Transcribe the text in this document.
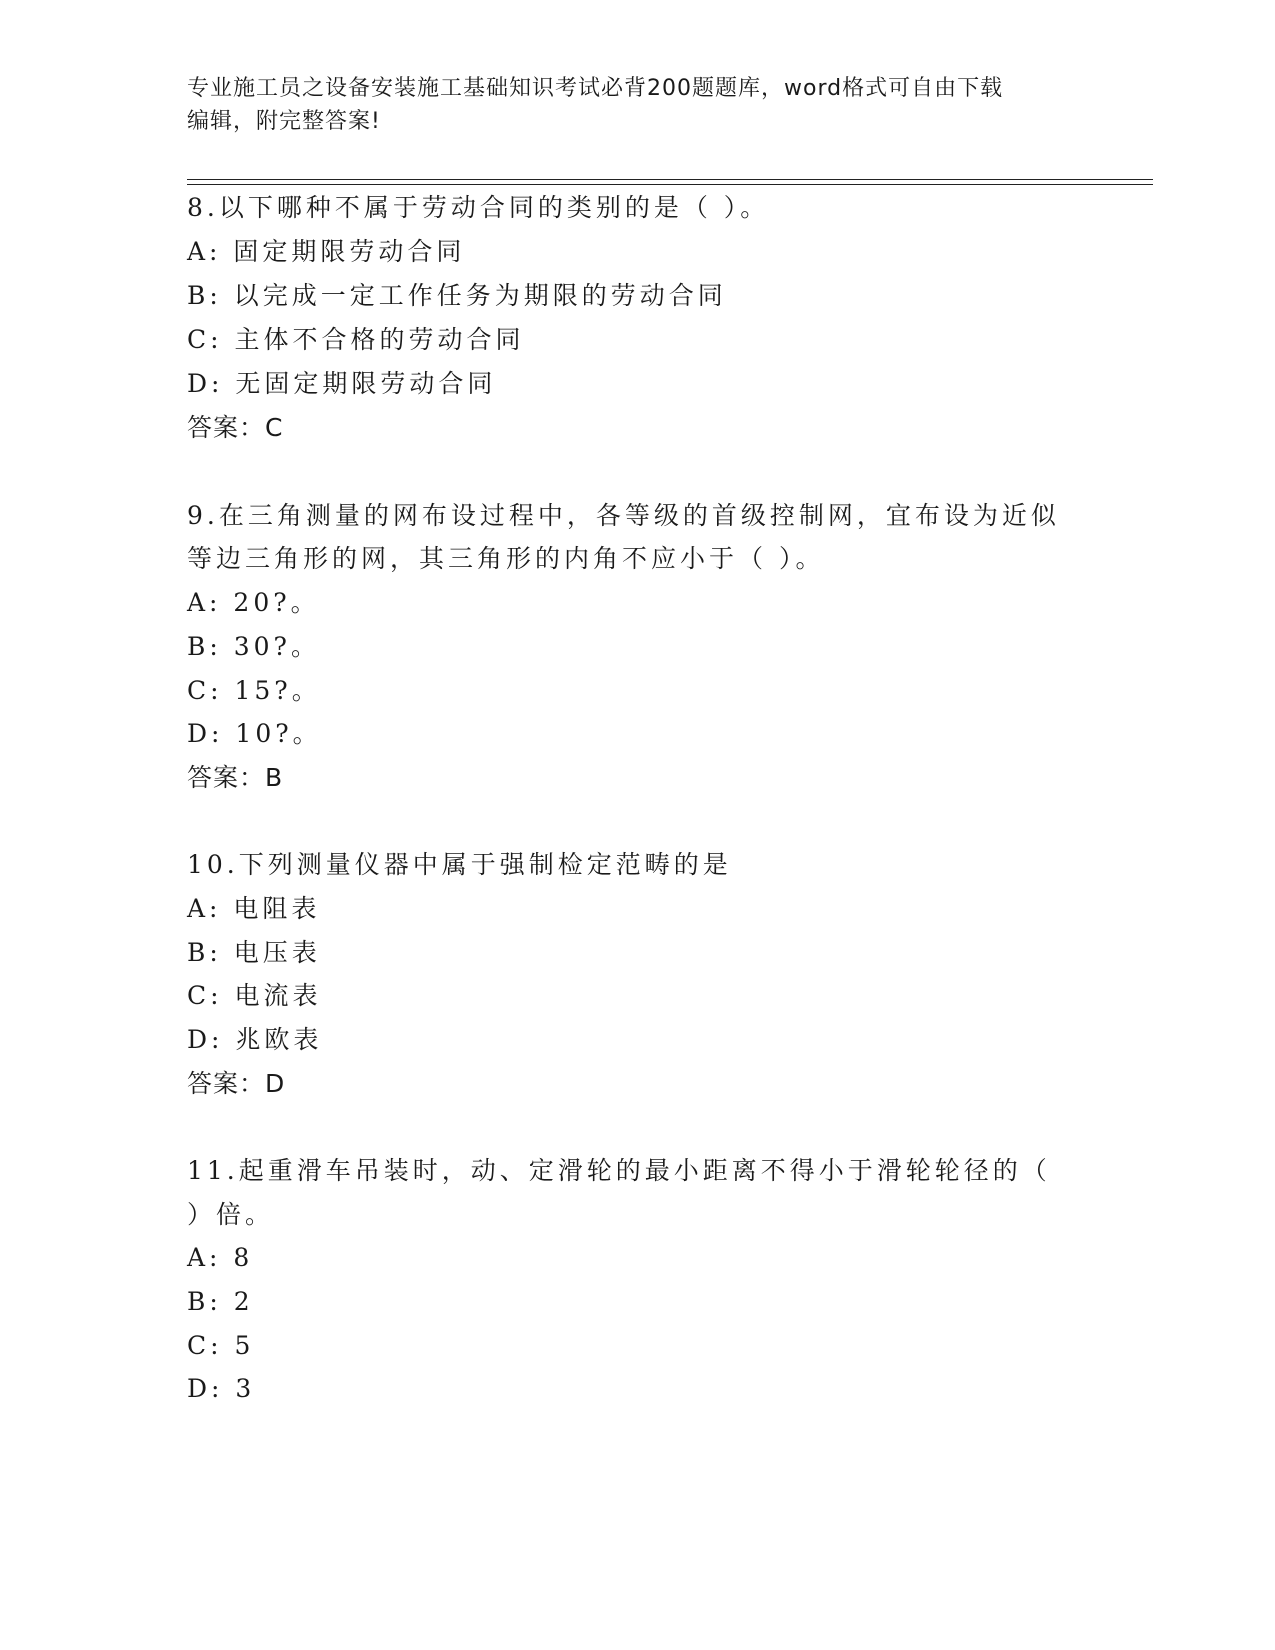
专业施工员之设备安装施工基础知识考试必背200题题库，word格式可自由下载
编辑，附完整答案!
8.以下哪种不属于劳动合同的类别的是（ ）。
A: 固定期限劳动合同
B: 以完成一定工作任务为期限的劳动合同
C: 主体不合格的劳动合同
D: 无固定期限劳动合同
答案：C
9.在三角测量的网布设过程中，各等级的首级控制网，宜布设为近似
等边三角形的网，其三角形的内角不应小于（ ）。
A: 20?。
B: 30?。
C: 15?。
D: 10?。
答案：B
10.下列测量仪器中属于强制检定范畴的是
A: 电阻表
B: 电压表
C: 电流表
D: 兆欧表
答案：D
11.起重滑车吊装时，动、定滑轮的最小距离不得小于滑轮轮径的（
）倍。
A: 8
B: 2
C: 5
D: 3
